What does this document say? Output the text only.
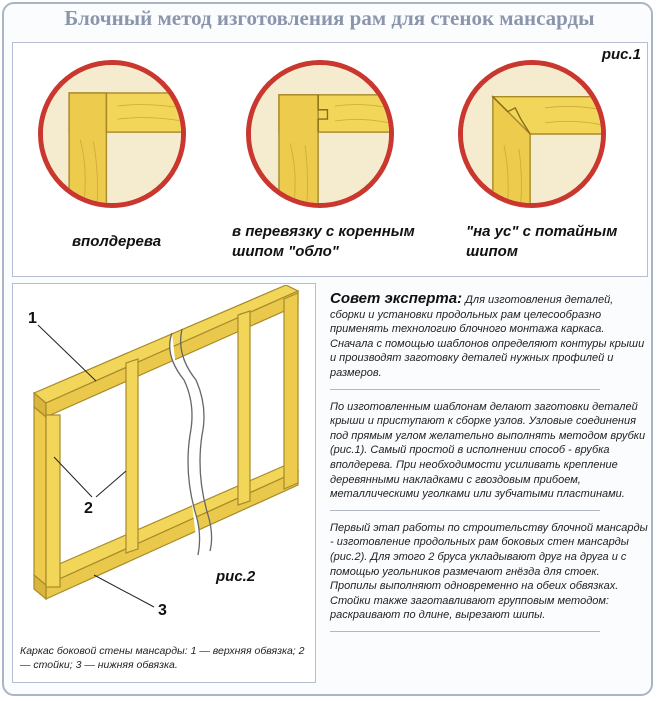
Блочный метод изготовления рам для стенок мансарды
рис.1
вполдерева
в перевязку с коренным
шипом "обло"
"на ус" с потайным
шипом
1
2
3
рис.2
Каркас боковой стены мансарды: 1 — верхняя обвязка; 2 — стойки; 3 — нижняя обвязка.

Совет эксперта: Для изготовления деталей, сборки и установки продольных рам целесообразно применять технологию блочного монтажа каркаса. Сначала с помощью шаблонов определяют контуры крыши и производят заготовку деталей нужных профилей и размеров.

По изготовленным шаблонам делают заготовки деталей крыши и приступают к сборке узлов. Узловые соединения под прямым углом желательно выполнять методом врубки (рис.1). Самый простой в исполнении способ - врубка вполдерева. При необходимости усиливать крепление деревянными накладками с гвоздовым прибоем, металлическими уголками или зубчатыми пластинами.

Первый этап работы по строительству блочной мансарды - изготовление продольных рам боковых стен мансарды (рис.2). Для этого 2 бруса укладывают друг на друга и с помощью угольников размечают гнёзда для стоек. Пропилы выполняют одновременно на обеих обвязках. Стойки также заготавливают групповым методом: раскраивают по длине, вырезают шипы.
